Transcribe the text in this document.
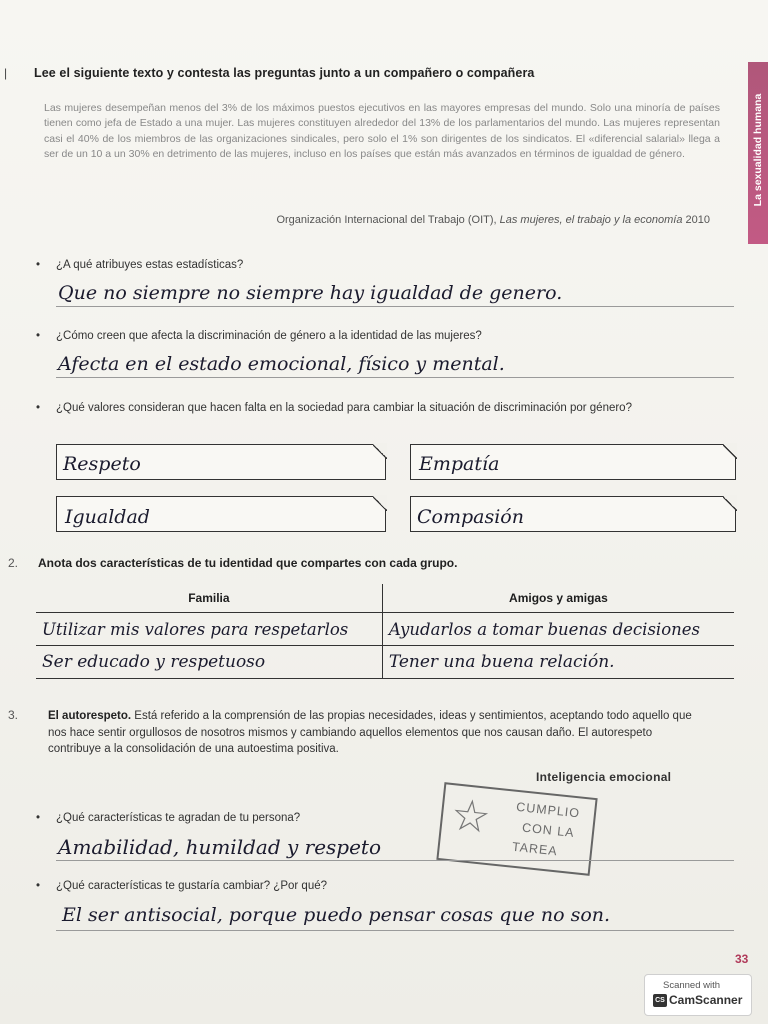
La sexualidad humana
| Lee el siguiente texto y contesta las preguntas junto a un compañero o compañera
Las mujeres desempeñan menos del 3% de los máximos puestos ejecutivos en las mayores empresas del mundo. Solo una minoría de países tienen como jefa de Estado a una mujer. Las mujeres constituyen alrededor del 13% de los parlamentarios del mundo. Las mujeres representan casi el 40% de los miembros de las organizaciones sindicales, pero solo el 1% son dirigentes de los sindicatos. El «diferencial salarial» llega a ser de un 10 a un 30% en detrimento de las mujeres, incluso en los países que están más avanzados en términos de igualdad de género.
Organización Internacional del Trabajo (OIT), Las mujeres, el trabajo y la economía 2010
• ¿A qué atribuyes estas estadísticas?
Que no siempre no siempre hay igualdad de genero.
• ¿Cómo creen que afecta la discriminación de género a la identidad de las mujeres?
Afecta en el estado emocional, físico y mental.
• ¿Qué valores consideran que hacen falta en la sociedad para cambiar la situación de discriminación por género?
Respeto	Empatía
Igualdad	Compasión
2. Anota dos características de tu identidad que compartes con cada grupo.
Familia	Amigos y amigas
Utilizar mis valores para respetarlos	Ayudarlos a tomar buenas decisiones
Ser educado y respetuoso	Tener una buena relación.
3.	El autorespeto. Está referido a la comprensión de las propias necesidades, ideas y sentimientos, aceptando todo aquello que nos hace sentir orgullosos de nosotros mismos y cambiando aquellos elementos que nos causan daño. El autorespeto contribuye a la consolidación de una autoestima positiva.
Inteligencia emocional
☆ CUMPLIO
CON LA
TAREA
• ¿Qué características te agradan de tu persona?
Amabilidad, humildad y respeto
• ¿Qué características te gustaría cambiar? ¿Por qué?
El ser antisocial, porque puedo pensar cosas que no son.
33
Scanned with
CS CamScanner
